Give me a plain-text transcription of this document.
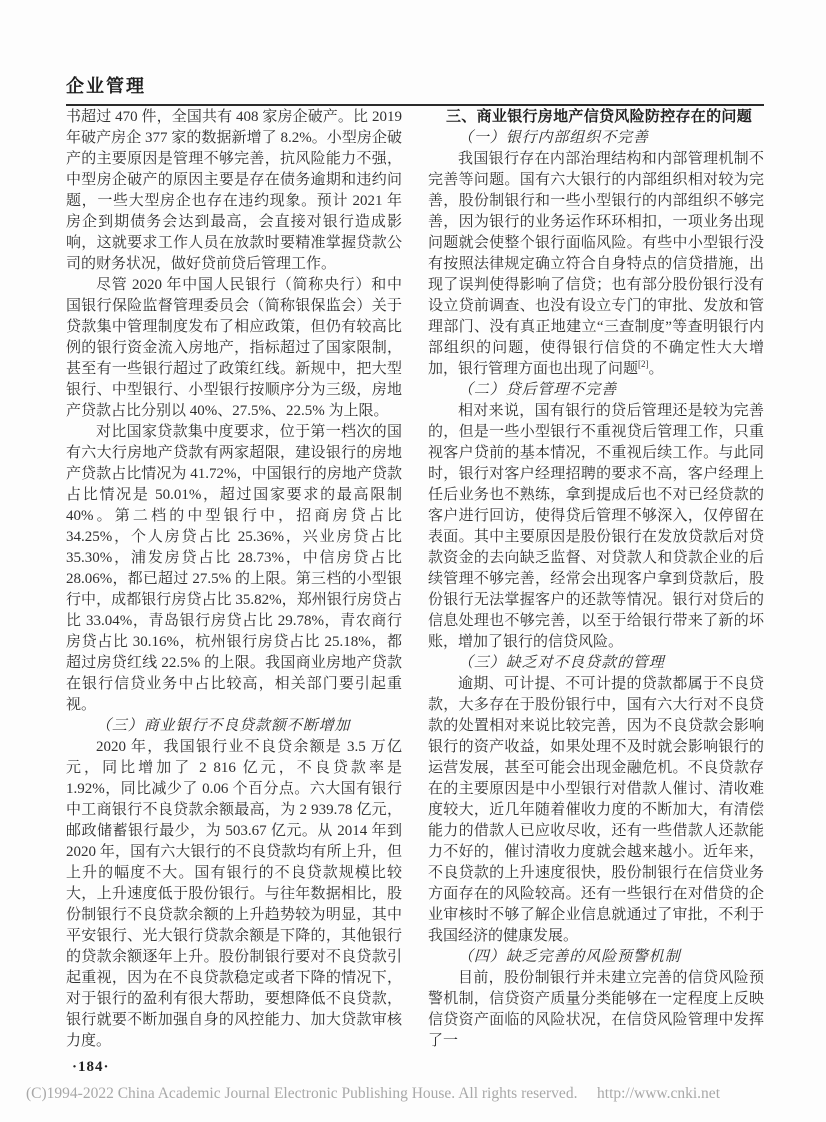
企业管理

书超过 470 件，全国共有 408 家房企破产。比 2019 年破产房企 377 家的数据新增了 8.2%。小型房企破产的主要原因是管理不够完善，抗风险能力不强，中型房企破产的原因主要是存在债务逾期和违约问题，一些大型房企也存在违约现象。预计 2021 年房企到期债务会达到最高，会直接对银行造成影响，这就要求工作人员在放款时要精准掌握贷款公司的财务状况，做好贷前贷后管理工作。

尽管 2020 年中国人民银行（简称央行）和中国银行保险监督管理委员会（简称银保监会）关于贷款集中管理制度发布了相应政策，但仍有较高比例的银行资金流入房地产，指标超过了国家限制，甚至有一些银行超过了政策红线。新规中，把大型银行、中型银行、小型银行按顺序分为三级，房地产贷款占比分别以 40%、27.5%、22.5% 为上限。

对比国家贷款集中度要求，位于第一档次的国有六大行房地产贷款有两家超限，建设银行的房地产贷款占比情况为 41.72%，中国银行的房地产贷款占比情况是 50.01%，超过国家要求的最高限制 40%。第二档的中型银行中，招商房贷占比 34.25%，个人房贷占比 25.36%，兴业房贷占比 35.30%，浦发房贷占比 28.73%，中信房贷占比 28.06%，都已超过 27.5% 的上限。第三档的小型银行中，成都银行房贷占比 35.82%，郑州银行房贷占比 33.04%，青岛银行房贷占比 29.78%，青农商行房贷占比 30.16%，杭州银行房贷占比 25.18%，都超过房贷红线 22.5% 的上限。我国商业房地产贷款在银行信贷业务中占比较高，相关部门要引起重视。

（三）商业银行不良贷款额不断增加

2020 年，我国银行业不良贷余额是 3.5 万亿元，同比增加了 2 816 亿元，不良贷款率是 1.92%，同比减少了 0.06 个百分点。六大国有银行中工商银行不良贷款余额最高，为 2 939.78 亿元，邮政储蓄银行最少，为 503.67 亿元。从 2014 年到 2020 年，国有六大银行的不良贷款均有所上升，但上升的幅度不大。国有银行的不良贷款规模比较大，上升速度低于股份银行。与往年数据相比，股份制银行不良贷款余额的上升趋势较为明显，其中平安银行、光大银行贷款余额是下降的，其他银行的贷款余额逐年上升。股份制银行要对不良贷款引起重视，因为在不良贷款稳定或者下降的情况下，对于银行的盈利有很大帮助，要想降低不良贷款，银行就要不断加强自身的风控能力、加大贷款审核力度。

三、商业银行房地产信贷风险防控存在的问题

（一）银行内部组织不完善

我国银行存在内部治理结构和内部管理机制不完善等问题。国有六大银行的内部组织相对较为完善，股份制银行和一些小型银行的内部组织不够完善，因为银行的业务运作环环相扣，一项业务出现问题就会使整个银行面临风险。有些中小型银行没有按照法律规定确立符合自身特点的信贷措施，出现了误判使得影响了信贷；也有部分股份银行没有设立贷前调查、也没有设立专门的审批、发放和管理部门、没有真正地建立“三查制度”等查明银行内部组织的问题，使得银行信贷的不确定性大大增加，银行管理方面也出现了问题[2]。

（二）贷后管理不完善

相对来说，国有银行的贷后管理还是较为完善的，但是一些小型银行不重视贷后管理工作，只重视客户贷前的基本情况，不重视后续工作。与此同时，银行对客户经理招聘的要求不高，客户经理上任后业务也不熟练，拿到提成后也不对已经贷款的客户进行回访，使得贷后管理不够深入，仅停留在表面。其中主要原因是股份银行在发放贷款后对贷款资金的去向缺乏监督、对贷款人和贷款企业的后续管理不够完善，经常会出现客户拿到贷款后，股份银行无法掌握客户的还款等情况。银行对贷后的信息处理也不够完善，以至于给银行带来了新的坏账，增加了银行的信贷风险。

（三）缺乏对不良贷款的管理

逾期、可计提、不可计提的贷款都属于不良贷款，大多存在于股份银行中，国有六大行对不良贷款的处置相对来说比较完善，因为不良贷款会影响银行的资产收益，如果处理不及时就会影响银行的运营发展，甚至可能会出现金融危机。不良贷款存在的主要原因是中小型银行对借款人催讨、清收难度较大，近几年随着催收力度的不断加大，有清偿能力的借款人已应收尽收，还有一些借款人还款能力不好的，催讨清收力度就会越来越小。近年来，不良贷款的上升速度很快，股份制银行在信贷业务方面存在的风险较高。还有一些银行在对借贷的企业审核时不够了解企业信息就通过了审批，不利于我国经济的健康发展。

（四）缺乏完善的风险预警机制

目前，股份制银行并未建立完善的信贷风险预警机制，信贷资产质量分类能够在一定程度上反映信贷资产面临的风险状况，在信贷风险管理中发挥了一

·184·
(C)1994-2022 China Academic Journal Electronic Publishing House. All rights reserved. http://www.cnki.net
